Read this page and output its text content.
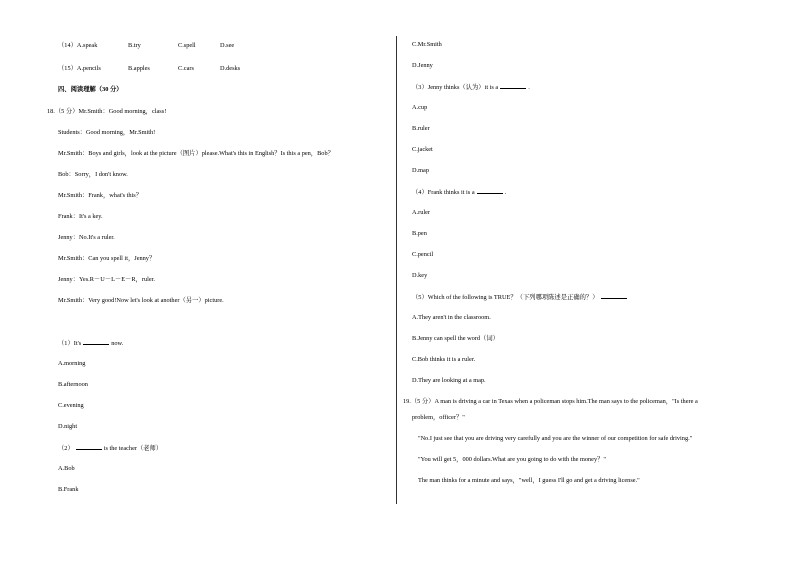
（14）A.speak	B.try	C.spell	D.see
（15）A.pencils	B.apples	C.cars	D.desks
四、阅读理解（30 分）
18.（5 分）Mr.Smith：Good morning，class!
Students：Good morning，Mr.Smith!
Mr.Smith：Boys and girls，look at the picture（图片）please.What's this in English？Is this a pen，Bob？
Bob：Sorry，I don't know.
Mr.Smith：Frank，what's this？
Frank：It's a key.
Jenny：No.It's a ruler.
Mr.Smith：Can you spell it，Jenny？
Jenny：Yes.R－U－L－E－R，ruler.
Mr.Smith：Very good!Now let's look at another（另一）picture.
（1）It's	now.
A.morning
B.afternoon
C.evening
D.night
（2）	is the teacher（老师）
A.Bob
B.Frank
C.Mr.Smith
D.Jenny
（3）Jenny thinks（认为）it is a	.
A.cup
B.ruler
C.jacket
D.map
（4）Frank thinks it is a	.
A.ruler
B.pen
C.pencil
D.key
（5）Which of the following is TRUE？（下列哪项陈述是正确的？）
A.They aren't in the classroom.
B.Jenny can spell the word（词）
C.Bob thinks it is a ruler.
D.They are looking at a map.
19.（5 分）A man is driving a car in Texas when a policeman stops him.The man says to the policeman，"Is there a
problem，officer？"
"No.I just see that you are driving very carefully and you are the winner of our competition for safe driving."
"You will get 5，000 dollars.What are you going to do with the money？"
The man thinks for a minute and says，"well，I guess I'll go and get a driving license."
